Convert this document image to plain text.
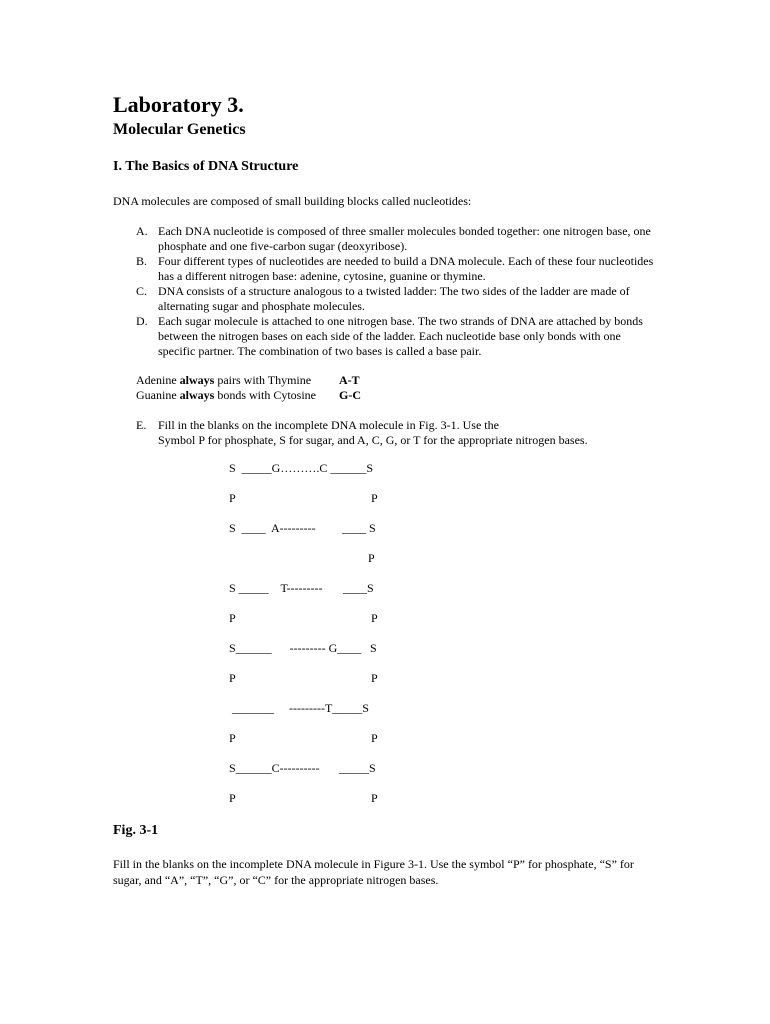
Laboratory 3.
Molecular Genetics
I. The Basics of DNA Structure

DNA molecules are composed of small building blocks called nucleotides:

A. Each DNA nucleotide is composed of three smaller molecules bonded together: one nitrogen base, one phosphate and one five-carbon sugar (deoxyribose).
B. Four different types of nucleotides are needed to build a DNA molecule. Each of these four nucleotides has a different nitrogen base: adenine, cytosine, guanine or thymine.
C. DNA consists of a structure analogous to a twisted ladder: The two sides of the ladder are made of alternating sugar and phosphate molecules.
D. Each sugar molecule is attached to one nitrogen base. The two strands of DNA are attached by bonds between the nitrogen bases on each side of the ladder. Each nucleotide base only bonds with one specific partner. The combination of two bases is called a base pair.
Adenine always pairs with Thymine	A-T
Guanine always bonds with Cytosine	G-C
E. Fill in the blanks on the incomplete DNA molecule in Fig. 3-1. Use the
Symbol P for phosphate, S for sugar, and A, C, G, or T for the appropriate nitrogen bases.
S  _____G……….C ______S
P	P
S  ____  A--------- ____ S
P
S _____    T--------- ____S
P	P
S______      --------- G____ S
P	P
_______     ---------T_____S
P	P
S______C---------- _____S
P	P
Fig. 3-1

Fill in the blanks on the incomplete DNA molecule in Figure 3-1. Use the symbol “P” for phosphate, “S” for sugar, and “A”, “T”, “G”, or “C” for the appropriate nitrogen bases.
